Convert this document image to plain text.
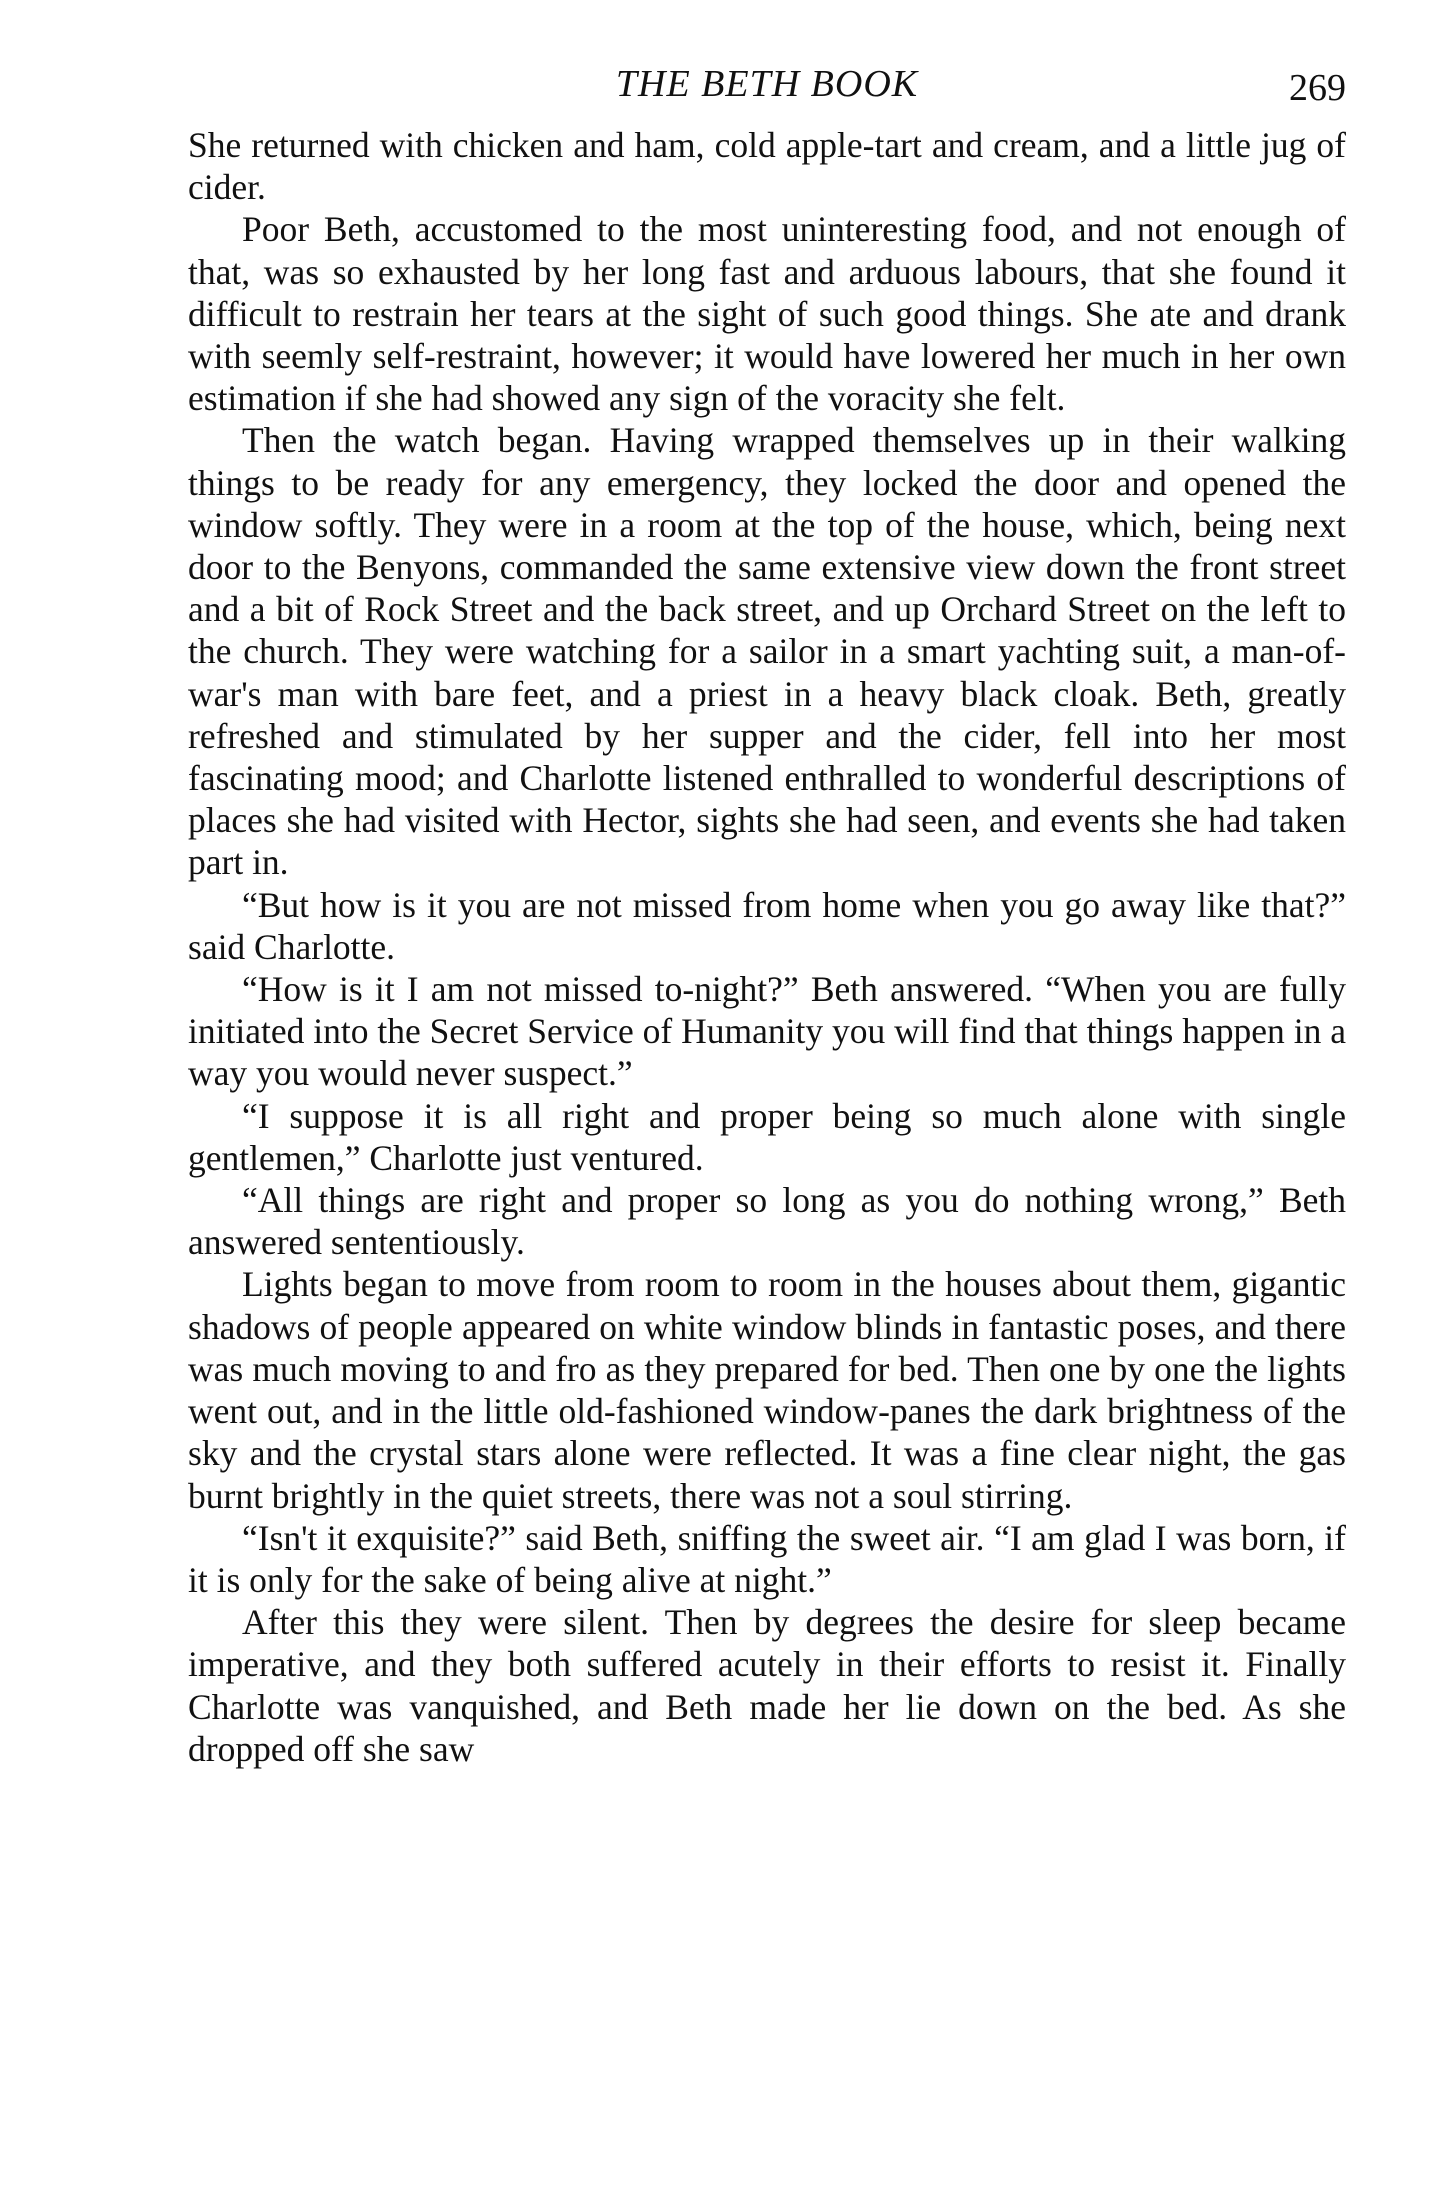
THE BETH BOOK	269

She returned with chicken and ham, cold apple-tart and cream, and a little jug of cider.

Poor Beth, accustomed to the most uninteresting food, and not enough of that, was so exhausted by her long fast and arduous labours, that she found it difficult to restrain her tears at the sight of such good things. She ate and drank with seemly self-restraint, however; it would have lowered her much in her own estimation if she had showed any sign of the voracity she felt.

Then the watch began. Having wrapped themselves up in their walking things to be ready for any emergency, they locked the door and opened the window softly. They were in a room at the top of the house, which, being next door to the Benyons, commanded the same extensive view down the front street and a bit of Rock Street and the back street, and up Orchard Street on the left to the church. They were watching for a sailor in a smart yachting suit, a man-of-war's man with bare feet, and a priest in a heavy black cloak. Beth, greatly refreshed and stimulated by her supper and the cider, fell into her most fascinating mood; and Charlotte listened enthralled to wonderful descriptions of places she had visited with Hector, sights she had seen, and events she had taken part in.

“But how is it you are not missed from home when you go away like that?” said Charlotte.

“How is it I am not missed to-night?” Beth answered. “When you are fully initiated into the Secret Service of Humanity you will find that things happen in a way you would never suspect.”

“I suppose it is all right and proper being so much alone with single gentlemen,” Charlotte just ventured.

“All things are right and proper so long as you do nothing wrong,” Beth answered sententiously.

Lights began to move from room to room in the houses about them, gigantic shadows of people appeared on white window blinds in fantastic poses, and there was much moving to and fro as they prepared for bed. Then one by one the lights went out, and in the little old-fashioned window-panes the dark brightness of the sky and the crystal stars alone were reflected. It was a fine clear night, the gas burnt brightly in the quiet streets, there was not a soul stirring.

“Isn't it exquisite?” said Beth, sniffing the sweet air. “I am glad I was born, if it is only for the sake of being alive at night.”

After this they were silent. Then by degrees the desire for sleep became imperative, and they both suffered acutely in their efforts to resist it. Finally Charlotte was vanquished, and Beth made her lie down on the bed. As she dropped off she saw
